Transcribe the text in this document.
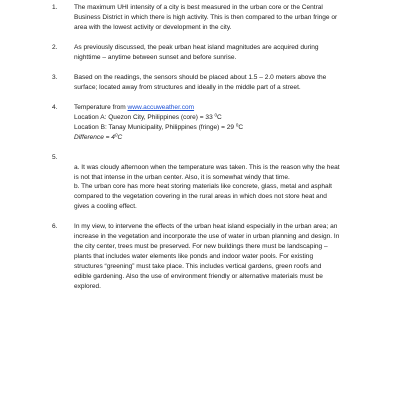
1.	The maximum UHI intensity of a city is best measured in the urban core or the Central Business District in which there is high activity. This is then compared to the urban fringe or area with the lowest activity or development in the city.
2.	As previously discussed, the peak urban heat island magnitudes are acquired during nighttime – anytime between sunset and before sunrise.
3.	Based on the readings, the sensors should be placed about 1.5 – 2.0 meters above the surface; located away from structures and ideally in the middle part of a street.
4.	Temperature from www.accuweather.com
Location A: Quezon City, Philippines (core) = 33 $^0$C
Location B: Tanay Municipality, Philippines (fringe) = 29 $^0$C
Difference = $4^0C$
5.
a. It was cloudy afternoon when the temperature was taken. This is the reason why the heat is not that intense in the urban center. Also, it is somewhat windy that time.
b. The urban core has more heat storing materials like concrete, glass, metal and asphalt compared to the vegetation covering in the rural areas in which does not store heat and gives a cooling effect.
6.	In my view, to intervene the effects of the urban heat island especially in the urban area; an increase in the vegetation and incorporate the use of water in urban planning and design. In the city center, trees must be preserved. For new buildings there must be landscaping – plants that includes water elements like ponds and indoor water pools. For existing structures “greening” must take place. This includes vertical gardens, green roofs and edible gardening. Also the use of environment friendly or alternative materials must be explored.
